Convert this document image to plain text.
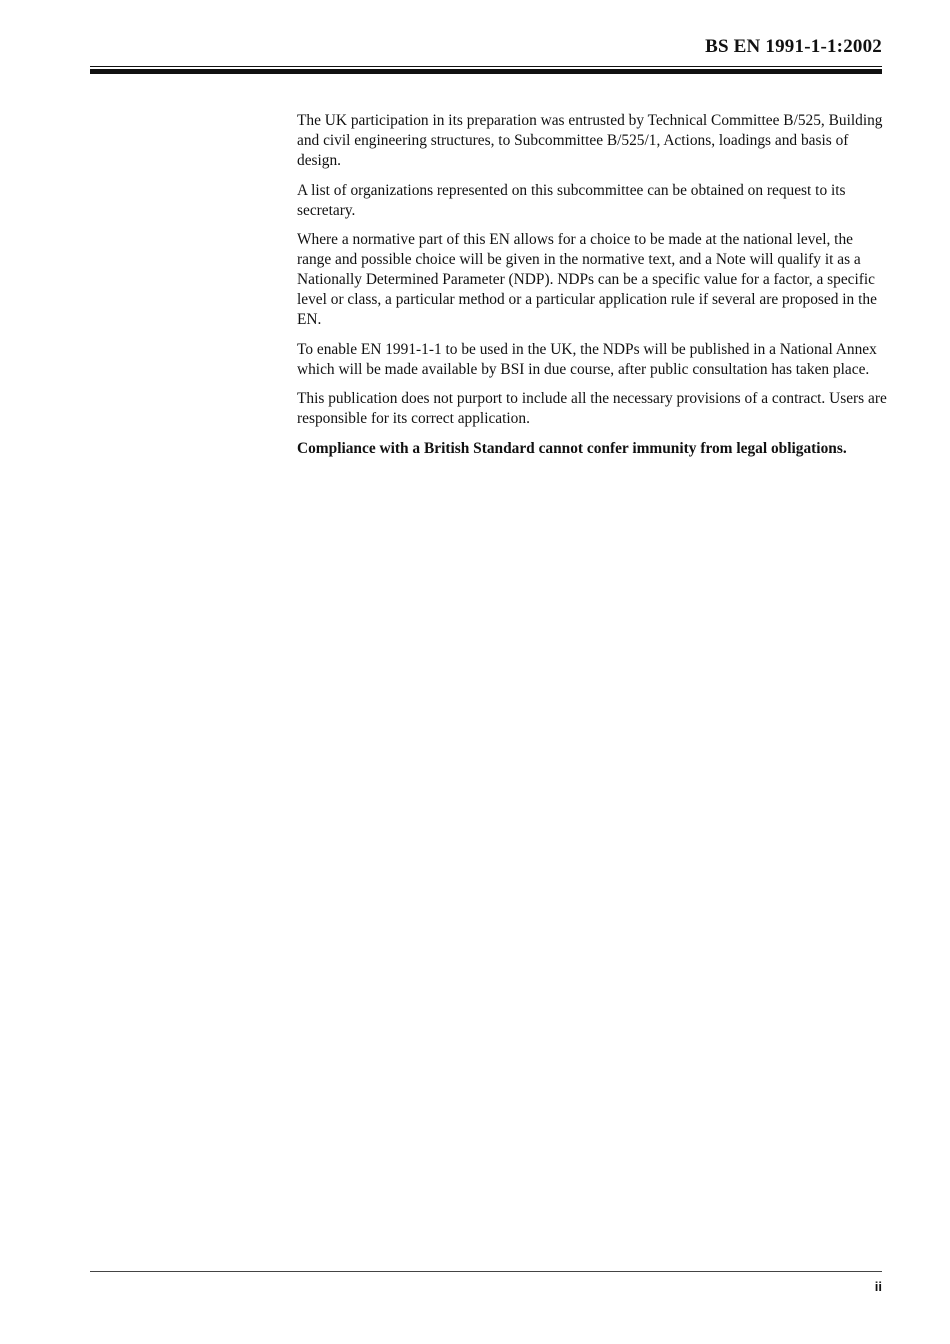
BS EN 1991-1-1:2002

The UK participation in its preparation was entrusted by Technical Committee B/525, Building and civil engineering structures, to Subcommittee B/525/1, Actions, loadings and basis of design.

A list of organizations represented on this subcommittee can be obtained on request to its secretary.

Where a normative part of this EN allows for a choice to be made at the national level, the range and possible choice will be given in the normative text, and a Note will qualify it as a Nationally Determined Parameter (NDP). NDPs can be a specific value for a factor, a specific level or class, a particular method or a particular application rule if several are proposed in the EN.

To enable EN 1991-1-1 to be used in the UK, the NDPs will be published in a National Annex which will be made available by BSI in due course, after public consultation has taken place.

This publication does not purport to include all the necessary provisions of a contract. Users are responsible for its correct application.

Compliance with a British Standard cannot confer immunity from legal obligations.

ii
